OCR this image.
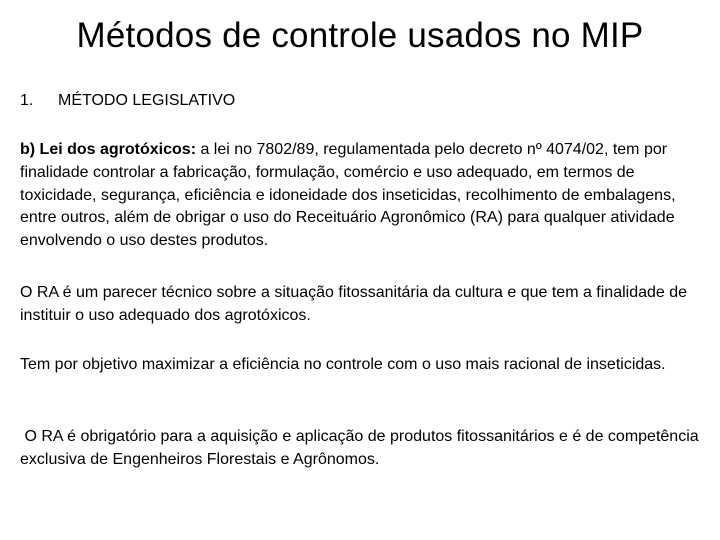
Métodos de controle usados no MIP
1. MÉTODO LEGISLATIVO

b) Lei dos agrotóxicos: a lei no 7802/89, regulamentada pelo decreto nº 4074/02, tem por finalidade controlar a fabricação, formulação, comércio e uso adequado, em termos de toxicidade, segurança, eficiência e idoneidade dos inseticidas, recolhimento de embalagens, entre outros, além de obrigar o uso do Receituário Agronômico (RA) para qualquer atividade envolvendo o uso destes produtos.

O RA é um parecer técnico sobre a situação fitossanitária da cultura e que tem a finalidade de instituir o uso adequado dos agrotóxicos.

Tem por objetivo maximizar a eficiência no controle com o uso mais racional de inseticidas.

O RA é obrigatório para a aquisição e aplicação de produtos fitossanitários e é de competência exclusiva de Engenheiros Florestais e Agrônomos.
